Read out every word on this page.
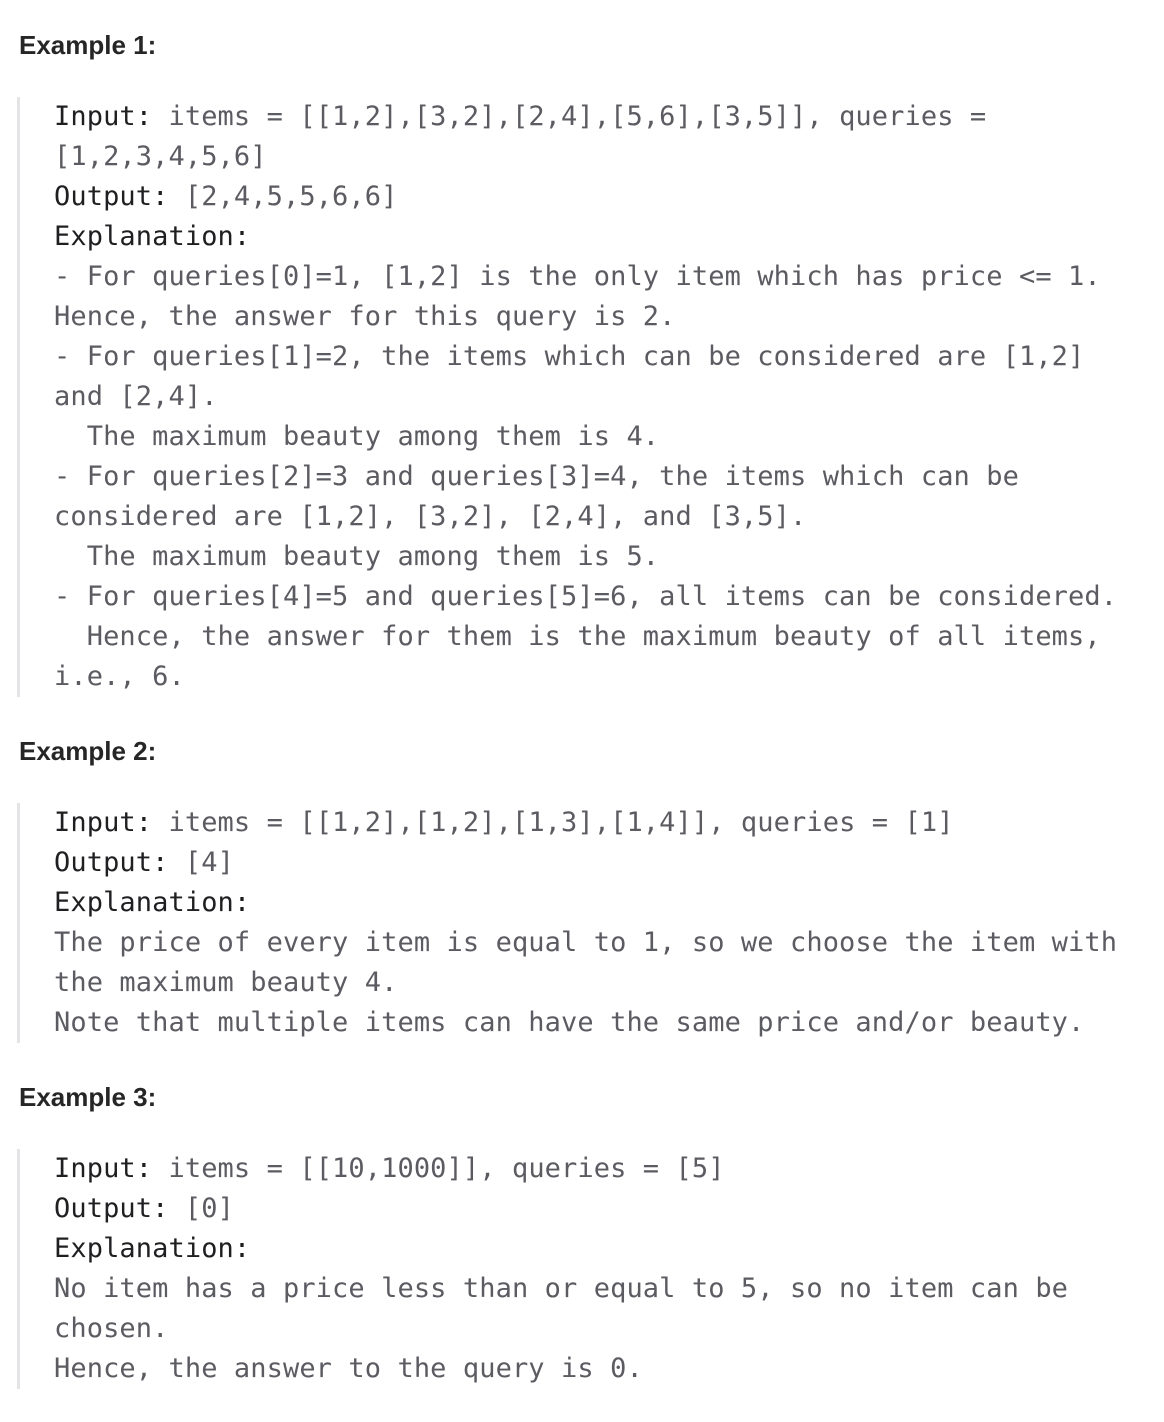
Example 1:
Input: items = [[1,2],[3,2],[2,4],[5,6],[3,5]], queries =
[1,2,3,4,5,6]
Output: [2,4,5,5,6,6]
Explanation:
- For queries[0]=1, [1,2] is the only item which has price <= 1.
Hence, the answer for this query is 2.
- For queries[1]=2, the items which can be considered are [1,2]
and [2,4].
The maximum beauty among them is 4.
- For queries[2]=3 and queries[3]=4, the items which can be
considered are [1,2], [3,2], [2,4], and [3,5].
The maximum beauty among them is 5.
- For queries[4]=5 and queries[5]=6, all items can be considered.
Hence, the answer for them is the maximum beauty of all items,
i.e., 6.
Example 2:
Input: items = [[1,2],[1,2],[1,3],[1,4]], queries = [1]
Output: [4]
Explanation:
The price of every item is equal to 1, so we choose the item with
the maximum beauty 4.
Note that multiple items can have the same price and/or beauty.
Example 3:
Input: items = [[10,1000]], queries = [5]
Output: [0]
Explanation:
No item has a price less than or equal to 5, so no item can be
chosen.
Hence, the answer to the query is 0.
